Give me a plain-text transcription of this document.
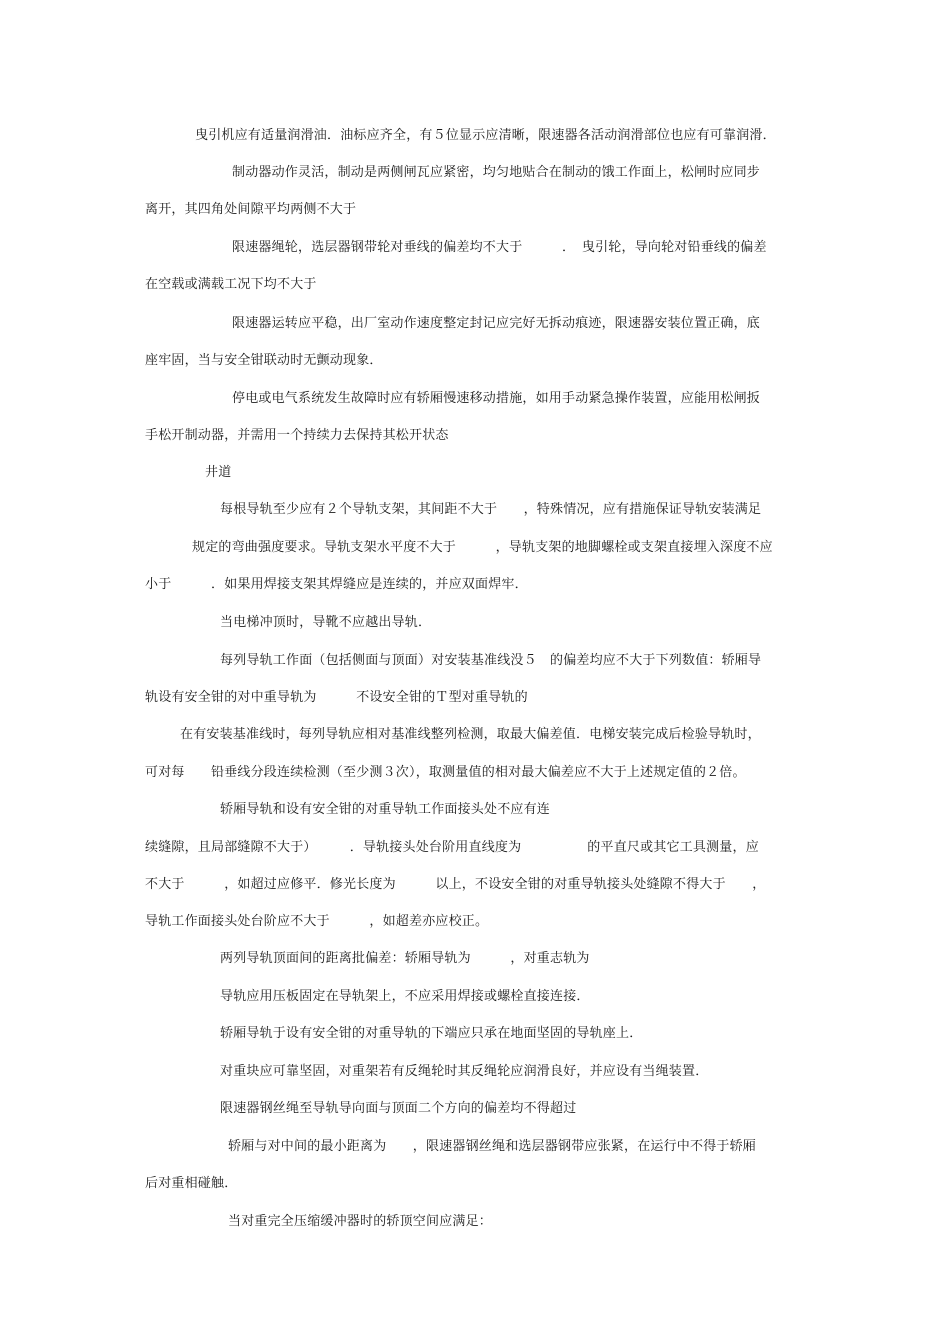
曳引机应有适量润滑油．油标应齐全，有５位显示应清晰，限速器各活动润滑部位也应有可靠润滑．
制动器动作灵活，制动是两侧闸瓦应紧密，均匀地贴合在制动的饿工作面上，松闸时应同步
离开，其四角处间隙平均两侧不大于
限速器绳轮，选层器钢带轮对垂线的偏差均不大于　　　．　曳引轮，导向轮对铅垂线的偏差
在空载或满载工况下均不大于
限速器运转应平稳，出厂室动作速度整定封记应完好无拆动痕迹，限速器安装位置正确，底
座牢固，当与安全钳联动时无颤动现象．
停电或电气系统发生故障时应有轿厢慢速移动措施，如用手动紧急操作装置，应能用松闸扳
手松开制动器，并需用一个持续力去保持其松开状态
井道
每根导轨至少应有２个导轨支架，其间距不大于　　，特殊情况，应有措施保证导轨安装满足
规定的弯曲强度要求。导轨支架水平度不大于　　　，导轨支架的地脚螺栓或支架直接埋入深度不应
小于　　　．如果用焊接支架其焊缝应是连续的，并应双面焊牢．
当电梯冲顶时，导靴不应越出导轨．
每列导轨工作面（包括侧面与顶面）对安装基准线没５　的偏差均应不大于下列数值：轿厢导
轨设有安全钳的对中重导轨为　　　不设安全钳的Ｔ型对重导轨的
在有安装基准线时，每列导轨应相对基准线整列检测，取最大偏差值．电梯安装完成后检验导轨时，
可对每　　铅垂线分段连续检测（至少测３次），取测量值的相对最大偏差应不大于上述规定值的２倍。
轿厢导轨和设有安全钳的对重导轨工作面接头处不应有连
续缝隙，且局部缝隙不大于）　　　．导轨接头处台阶用直线度为　　　　　的平直尺或其它工具测量，应
不大于　　　，如超过应修平．修光长度为　　　以上，不设安全钳的对重导轨接头处缝隙不得大于　　，
导轨工作面接头处台阶应不大于　　　，如超差亦应校正。
两列导轨顶面间的距离批偏差：轿厢导轨为　　　，对重志轨为
导轨应用压板固定在导轨架上，不应采用焊接或螺栓直接连接．
轿厢导轨于设有安全钳的对重导轨的下端应只承在地面坚固的导轨座上．
对重块应可靠坚固，对重架若有反绳轮时其反绳轮应润滑良好，并应设有当绳装置．
限速器钢丝绳至导轨导向面与顶面二个方向的偏差均不得超过
轿厢与对中间的最小距离为　　，限速器钢丝绳和选层器钢带应张紧，在运行中不得于轿厢
后对重相碰触．
当对重完全压缩缓冲器时的轿顶空间应满足：
